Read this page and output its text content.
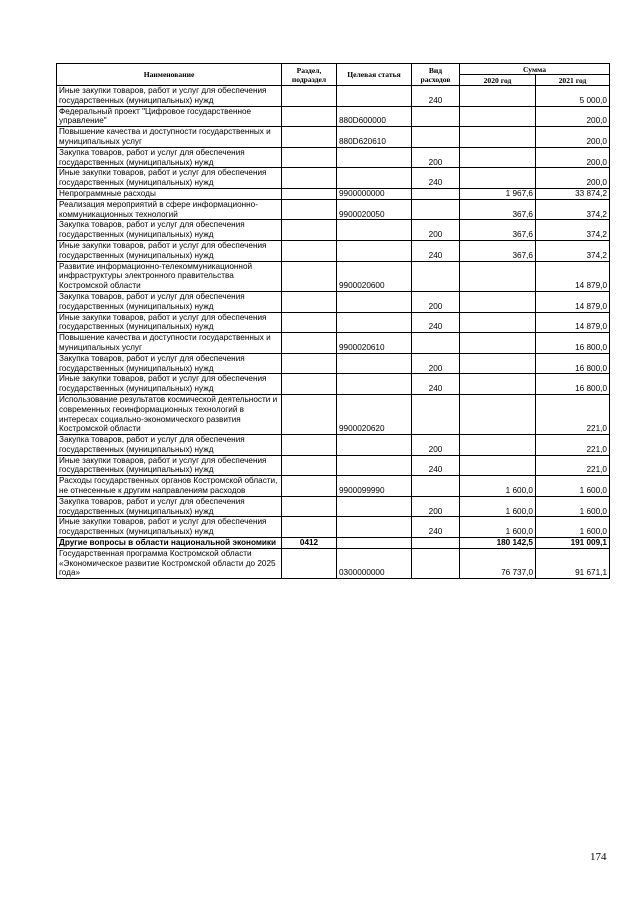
Наименование	Раздел, подраздел	Целевая статья	Вид расходов	Сумма	
				2020 год	2021 год
Иные закупки товаров, работ и услуг для обеспечения государственных (муниципальных) нужд			240		5 000,0
Федеральный проект "Цифровое государственное управление"		880D600000			200,0
Повышение качества и доступности государственных и муниципальных услуг		880D620610			200,0
Закупка товаров, работ и услуг для обеспечения государственных (муниципальных) нужд			200		200,0
Иные закупки товаров, работ и услуг для обеспечения государственных (муниципальных) нужд			240		200,0
Непрограммные расходы		9900000000		1 967,6	33 874,2
Реализация мероприятий в сфере информационно-коммуникационных технологий		9900020050		367,6	374,2
Закупка товаров, работ и услуг для обеспечения государственных (муниципальных) нужд			200	367,6	374,2
Иные закупки товаров, работ и услуг для обеспечения государственных (муниципальных) нужд			240	367,6	374,2
Развитие информационно-телекоммуникационной инфраструктуры электронного правительства Костромской области		9900020600			14 879,0
Закупка товаров, работ и услуг для обеспечения государственных (муниципальных) нужд			200		14 879,0
Иные закупки товаров, работ и услуг для обеспечения государственных (муниципальных) нужд			240		14 879,0
Повышение качества и доступности государственных и муниципальных услуг		9900020610			16 800,0
Закупка товаров, работ и услуг для обеспечения государственных (муниципальных) нужд			200		16 800,0
Иные закупки товаров, работ и услуг для обеспечения государственных (муниципальных) нужд			240		16 800,0
Использование результатов космической деятельности и современных геоинформационных технологий в интересах социально-экономического развития Костромской области		9900020620			221,0
Закупка товаров, работ и услуг для обеспечения государственных (муниципальных) нужд			200		221,0
Иные закупки товаров, работ и услуг для обеспечения государственных (муниципальных) нужд			240		221,0
Расходы государственных органов Костромской области, не отнесенные к другим направлениям расходов		9900099990		1 600,0	1 600,0
Закупка товаров, работ и услуг для обеспечения государственных (муниципальных) нужд			200	1 600,0	1 600,0
Иные закупки товаров, работ и услуг для обеспечения государственных (муниципальных) нужд			240	1 600,0	1 600,0
Другие вопросы в области национальной экономики	0412			180 142,5	191 009,1
Государственная программа Костромской области «Экономическое развитие Костромской области до 2025 года»		0300000000		76 737,0	91 671,1
174
